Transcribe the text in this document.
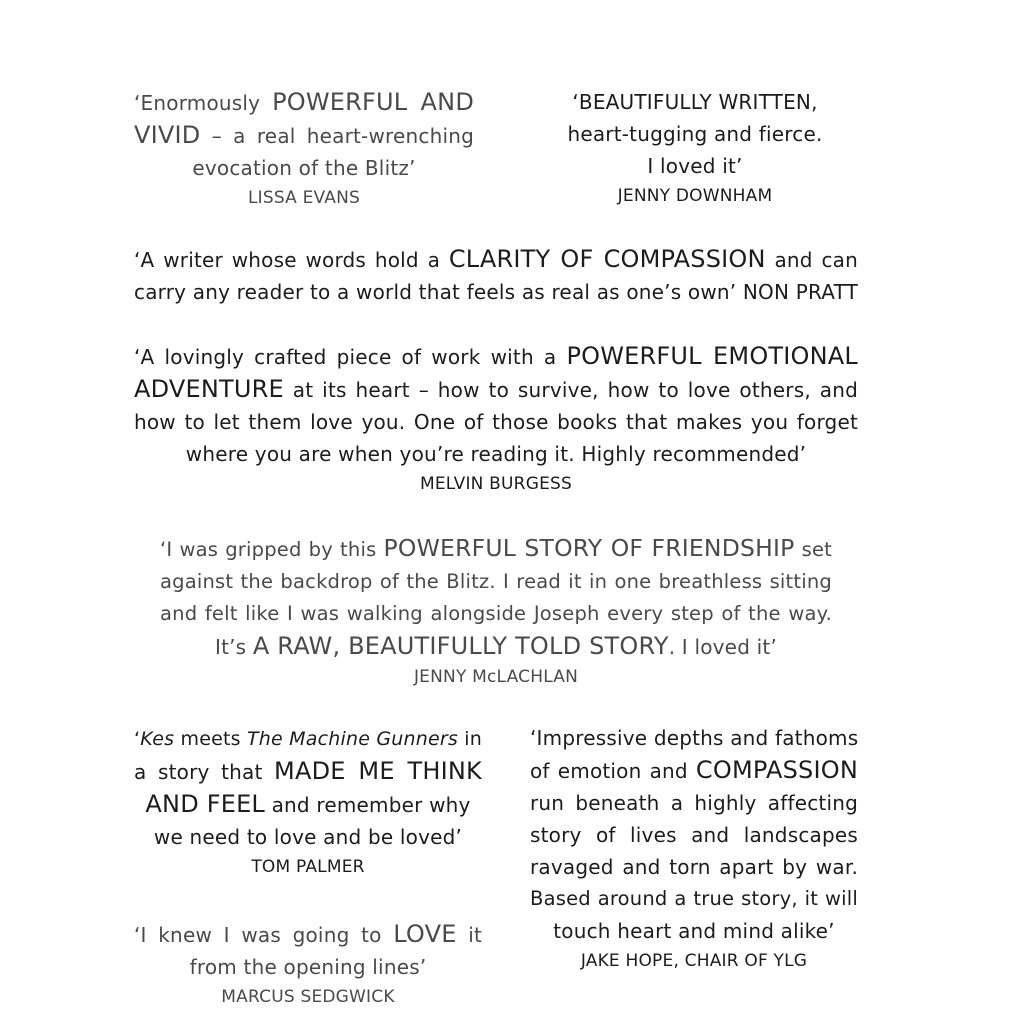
‘Enormously POWERFUL AND
VIVID – a real heart-wrenching
evocation of the Blitz’
LISSA EVANS
‘BEAUTIFULLY WRITTEN,
heart-tugging and fierce.
I loved it’
JENNY DOWNHAM
‘A writer whose words hold a CLARITY OF COMPASSION and can
carry any reader to a world that feels as real as one’s own’ NON PRATT
‘A lovingly crafted piece of work with a POWERFUL EMOTIONAL
ADVENTURE at its heart – how to survive, how to love others, and
how to let them love you. One of those books that makes you forget
where you are when you’re reading it. Highly recommended’
MELVIN BURGESS
‘I was gripped by this POWERFUL STORY OF FRIENDSHIP set
against the backdrop of the Blitz. I read it in one breathless sitting
and felt like I was walking alongside Joseph every step of the way.
It’s A RAW, BEAUTIFULLY TOLD STORY. I loved it’
JENNY McLACHLAN
‘Kes meets The Machine Gunners in
a story that MADE ME THINK
AND FEEL and remember why
we need to love and be loved’
TOM PALMER
‘I knew I was going to LOVE it
from the opening lines’
MARCUS SEDGWICK
‘Impressive depths and fathoms
of emotion and COMPASSION
run beneath a highly affecting
story of lives and landscapes
ravaged and torn apart by war.
Based around a true story, it will
touch heart and mind alike’
JAKE HOPE, CHAIR OF YLG
